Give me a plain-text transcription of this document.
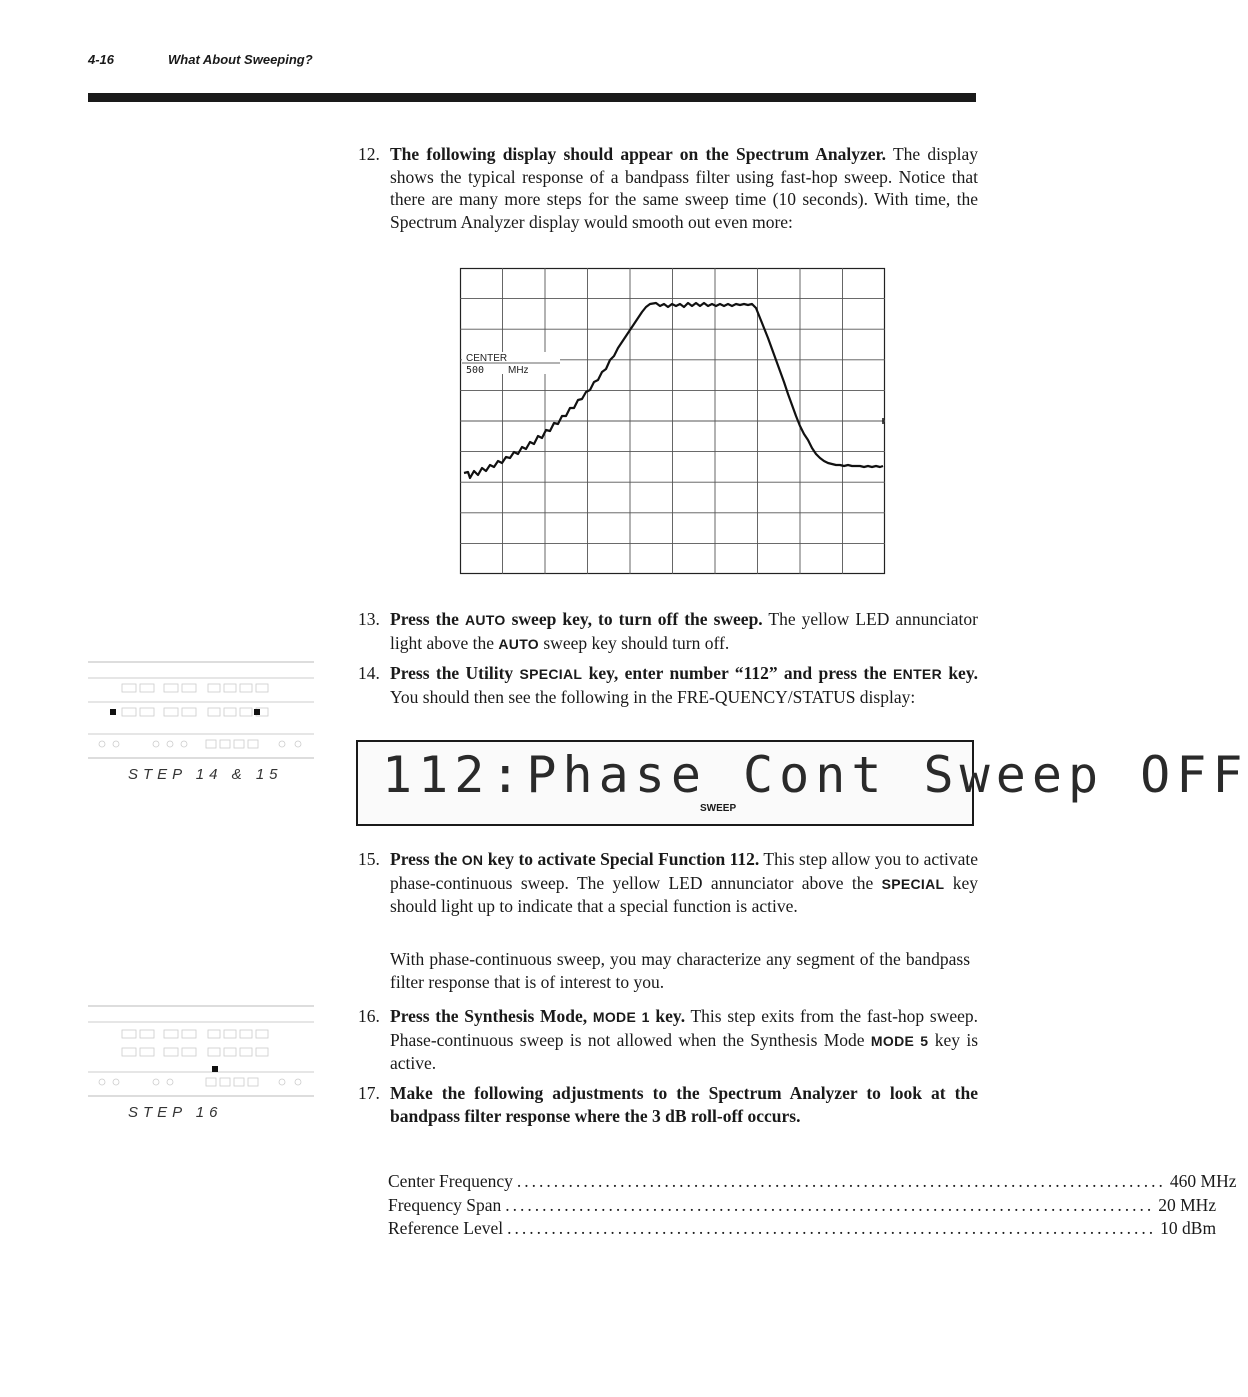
4-16	What About Sweeping?
12. The following display should appear on the Spectrum Analyzer. The display shows the typical response of a bandpass filter using fast-hop sweep. Notice that there are many more steps for the same sweep time (10 seconds). With time, the Spectrum Analyzer display would smooth out even more:
CENTER
500 MHz
13. Press the AUTO sweep key, to turn off the sweep. The yellow LED annunciator light above the AUTO sweep key should turn off.
14. Press the Utility SPECIAL key, enter number “112” and press the ENTER key. You should then see the following in the FRE-QUENCY/STATUS display:
112:Phase Cont Sweep OFF
SWEEP
STEP 14 & 15
15. Press the ON key to activate Special Function 112. This step allow you to activate phase-continuous sweep. The yellow LED annunciator above the SPECIAL key should light up to indicate that a special function is active.
With phase-continuous sweep, you may characterize any segment of the bandpass filter response that is of interest to you.
STEP 16
16. Press the Synthesis Mode, MODE 1 key. This step exits from the fast-hop sweep. Phase-continuous sweep is not allowed when the Synthesis Mode MODE 5 key is active.
17. Make the following adjustments to the Spectrum Analyzer to look at the bandpass filter response where the 3 dB roll-off occurs.
Center Frequency ........................................................................................ 460 MHz
Frequency Span ........................................................................................ 20 MHz
Reference Level ........................................................................................ 10 dBm
